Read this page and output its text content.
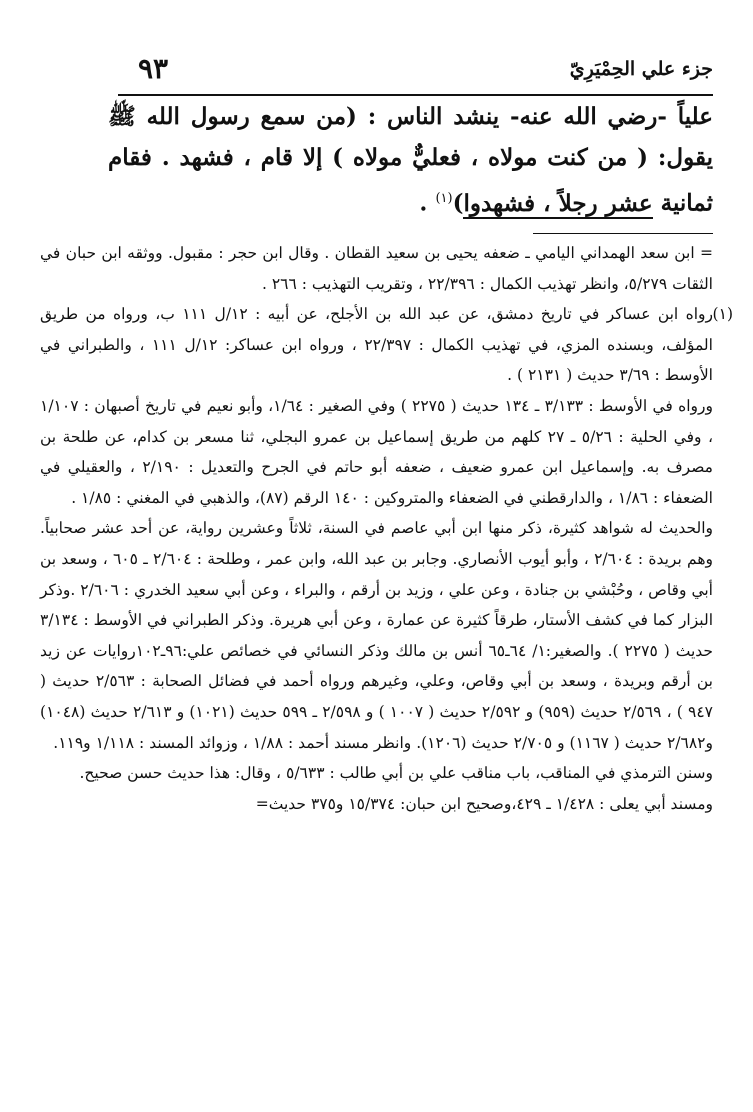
جزء علي الحِمْيَرِيّ
٩٣
علياً -رضي الله عنه- ينشد الناس : (من سمع رسول الله ﷺ يقول: ( من كنت مولاه ، فعليٌّ مولاه ) إلا قام ، فشهد . فقام ثمانية عشر رجلاً ، فشهدوا)$^{(١)}$ .

= ابن سعد الهمداني اليامي ـ ضعفه يحيى بن سعيد القطان . وقال ابن حجر : مقبول. ووثقه ابن حبان في الثقات ٥/٢٧٩، وانظر تهذيب الكمال : ٢٢/٣٩٦ ، وتقريب التهذيب : ٢٦٦ .

(١)
رواه ابن عساكر في تاريخ دمشق، عن عبد الله بن الأجلح، عن أبيه : ١٢/ل ١١١ ب، ورواه من طريق المؤلف، وبسنده المزي، في تهذيب الكمال : ٢٢/٣٩٧ ، ورواه ابن عساكر: ١٢/ل ١١١ ، والطبراني في الأوسط : ٣/٦٩ حديث ( ٢١٣١ ) .

ورواه في الأوسط : ٣/١٣٣ ـ ١٣٤ حديث ( ٢٢٧٥ ) وفي الصغير : ١/٦٤، وأبو نعيم في تاريخ أصبهان : ١/١٠٧ ، وفي الحلية : ٥/٢٦ ـ ٢٧ كلهم من طريق إسماعيل بن عمرو البجلي، ثنا مسعر بن كدام، عن طلحة بن مصرف به. وإسماعيل ابن عمرو ضعيف ، ضعفه أبو حاتم في الجرح والتعديل : ٢/١٩٠ ، والعقيلي في الضعفاء : ١/٨٦ ، والدارقطني في الضعفاء والمتروكين : ١٤٠ الرقم (٨٧)، والذهبي في المغني : ١/٨٥ .

والحديث له شواهد كثيرة، ذكر منها ابن أبي عاصم في السنة، ثلاثاً وعشرين رواية، عن أحد عشر صحابياً. وهم بريدة : ٢/٦٠٤ ، وأبو أيوب الأنصاري. وجابر بن عبد الله، وابن عمر ، وطلحة : ٢/٦٠٤ ـ ٦٠٥ ، وسعد بن أبي وقاص ، وحُبْشي بن جنادة ، وعن علي ، وزيد بن أرقم ، والبراء ، وعن أبي سعيد الخدري : ٢/٦٠٦ .وذكر البزار كما في كشف الأستار، طرقاً كثيرة عن عمارة ، وعن أبي هريرة. وذكر الطبراني في الأوسط : ٣/١٣٤ حديث ( ٢٢٧٥ ). والصغير:١/ ٦٤ـ٦٥ أنس بن مالك وذكر النسائي في خصائص علي:٩٦ـ١٠٢روايات عن زيد بن أرقم وبريدة ، وسعد بن أبي وقاص، وعلي، وغيرهم ورواه أحمد في فضائل الصحابة : ٢/٥٦٣ حديث ( ٩٤٧ ) ، ٢/٥٦٩ حديث (٩٥٩) و ٢/٥٩٢ حديث ( ١٠٠٧ ) و ٢/٥٩٨ ـ ٥٩٩ حديث (١٠٢١) و ٢/٦١٣ حديث (١٠٤٨) و٢/٦٨٢ حديث ( ١١٦٧) و ٢/٧٠٥ حديث (١٢٠٦). وانظر مسند أحمد : ١/٨٨ ، وزوائد المسند : ١/١١٨ و١١٩.

وسنن الترمذي في المناقب، باب مناقب علي بن أبي طالب : ٥/٦٣٣ ، وقال: هذا حديث حسن صحيح.

ومسند أبي يعلى : ١/٤٢٨ ـ ٤٢٩،وصحيح ابن حبان: ١٥/٣٧٤ و٣٧٥ حديث=
